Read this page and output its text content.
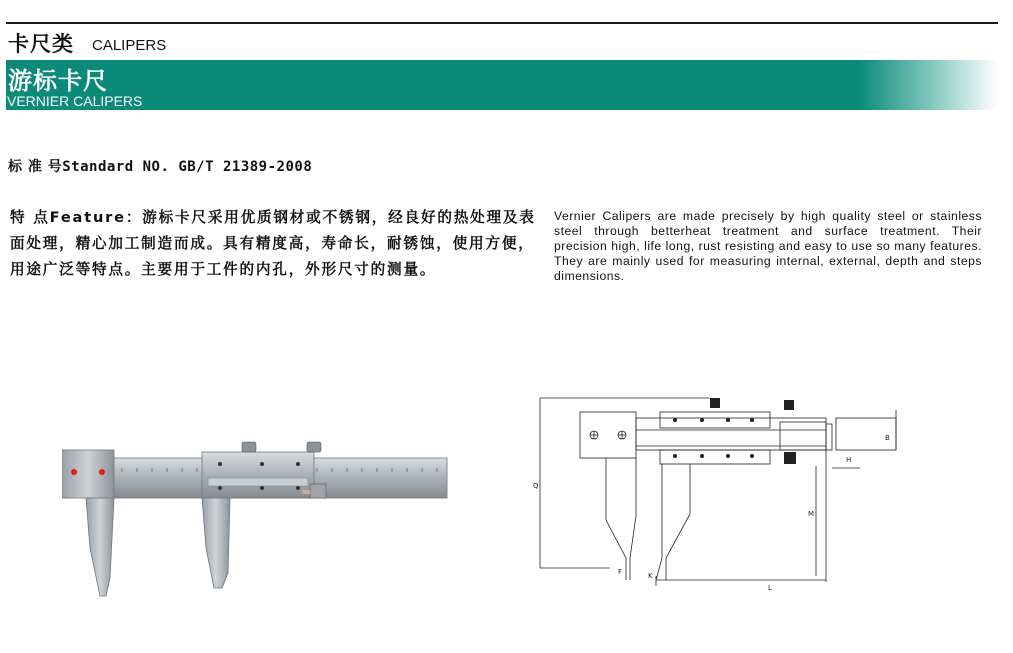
卡尺类 CALIPERS
游标卡尺
VERNIER CALIPERS
标 准 号Standard NO. GB/T 21389-2008
特 点Feature：游标卡尺采用优质钢材或不锈钢，经良好的热处理及表面处理，精心加工制造而成。具有精度高，寿命长，耐锈蚀，使用方便，用途广泛等特点。主要用于工件的内孔，外形尺寸的测量。
Vernier Calipers are made precisely by high quality steel or stainless steel through betterheat treatment and surface treatment. Their precision high, life long, rust resisting and easy to use so many features. They are mainly used for measuring internal, external, depth and steps dimensions.
Q
B
H
M
F	K
L
